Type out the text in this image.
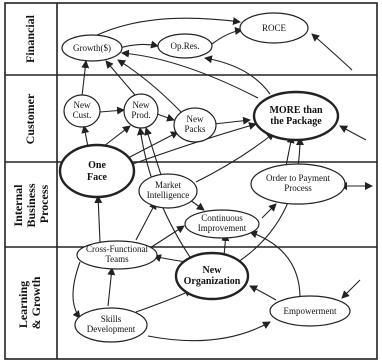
Financial
Customer
Internal Business Process
Learning & Growth
Growth($)	Op.Res.
ROCE
New Cust.
New Prod.	New Packs
MORE than the Package
One Face
Market Intelligence
Continuous Improvement
Order to Payment Process
Cross-Functional Teams
New Organization
Skills Development
Empowerment
